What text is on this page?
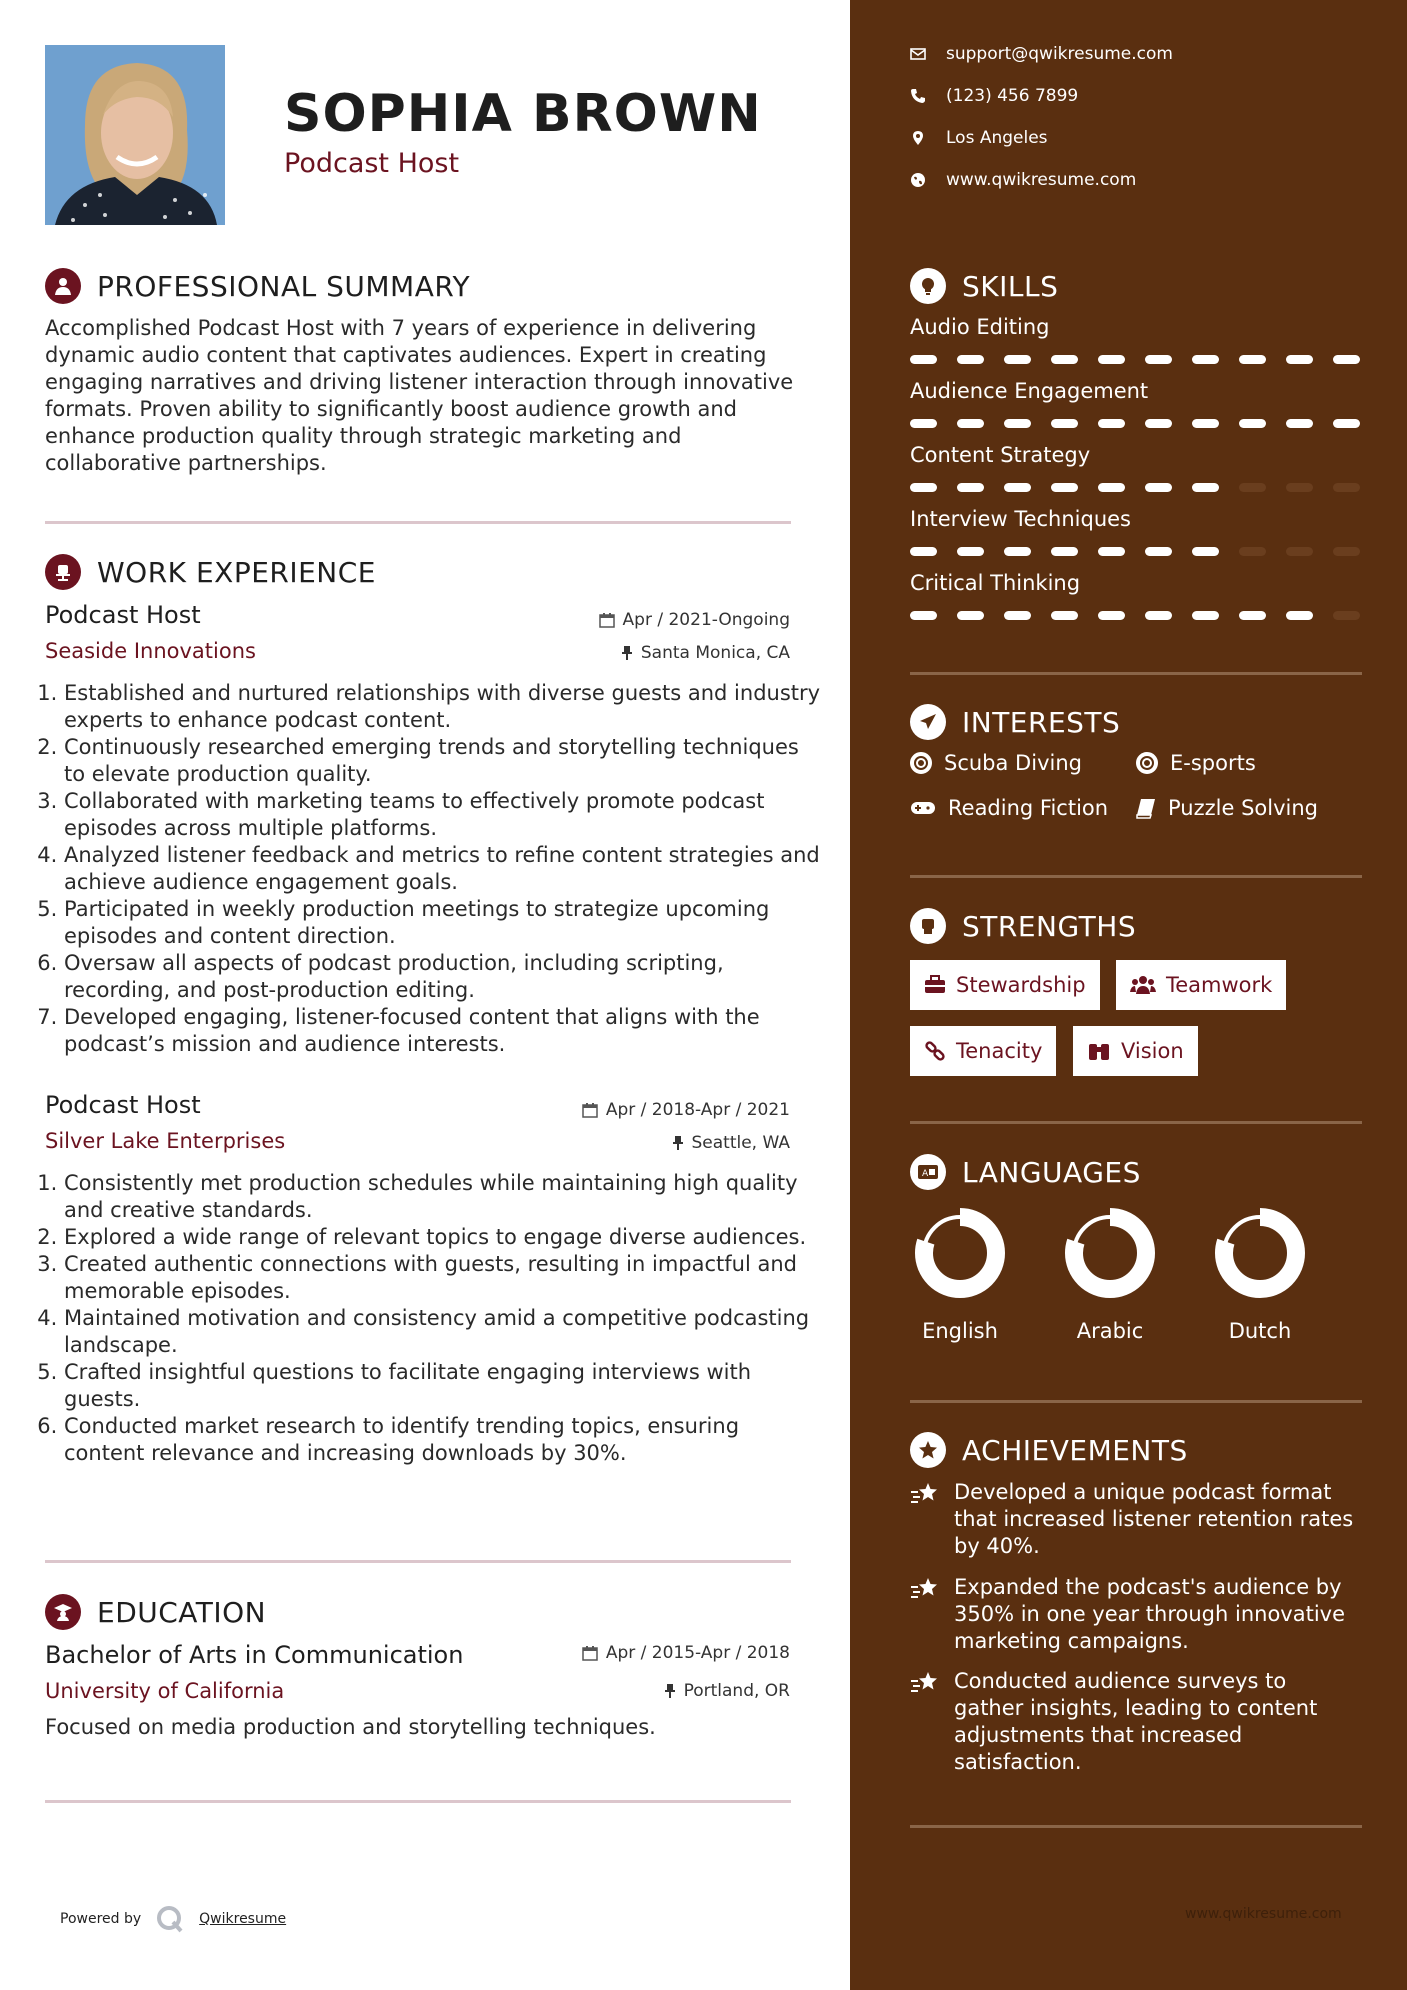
SOPHIA BROWN
Podcast Host
PROFESSIONAL SUMMARY

Accomplished Podcast Host with 7 years of experience in delivering dynamic audio content that captivates audiences. Expert in creating engaging narratives and driving listener interaction through innovative formats. Proven ability to significantly boost audience growth and enhance production quality through strategic marketing and collaborative partnerships.

WORK EXPERIENCE
Podcast Host
Seaside Innovations
Apr / 2021-Ongoing
Santa Monica, CA
1. Established and nurtured relationships with diverse guests and industry experts to enhance podcast content.
2. Continuously researched emerging trends and storytelling techniques to elevate production quality.
3. Collaborated with marketing teams to effectively promote podcast episodes across multiple platforms.
4. Analyzed listener feedback and metrics to refine content strategies and achieve audience engagement goals.
5. Participated in weekly production meetings to strategize upcoming episodes and content direction.
6. Oversaw all aspects of podcast production, including scripting, recording, and post-production editing.
7. Developed engaging, listener-focused content that aligns with the podcast’s mission and audience interests.
Podcast Host
Silver Lake Enterprises
Apr / 2018-Apr / 2021
Seattle, WA
1. Consistently met production schedules while maintaining high quality and creative standards.
2. Explored a wide range of relevant topics to engage diverse audiences.
3. Created authentic connections with guests, resulting in impactful and memorable episodes.
4. Maintained motivation and consistency amid a competitive podcasting landscape.
5. Crafted insightful questions to facilitate engaging interviews with guests.
6. Conducted market research to identify trending topics, ensuring content relevance and increasing downloads by 30%.
EDUCATION
Bachelor of Arts in Communication
University of California
Apr / 2015-Apr / 2018
Portland, OR

Focused on media production and storytelling techniques.

Powered by	Qwikresume
support@qwikresume.com
(123) 456 7899
Los Angeles
www.qwikresume.com
SKILLS
Audio Editing
Audience Engagement
Content Strategy
Interview Techniques
Critical Thinking
INTERESTS
Scuba Diving	E-sports
Reading Fiction	Puzzle Solving
STRENGTHS
Stewardship	Teamwork
Tenacity	Vision
A LANGUAGES
English	Arabic	Dutch
ACHIEVEMENTS
Developed a unique podcast format that increased listener retention rates by 40%.
Expanded the podcast's audience by 350% in one year through innovative marketing campaigns.
Conducted audience surveys to gather insights, leading to content adjustments that increased satisfaction.
www.qwikresume.com
